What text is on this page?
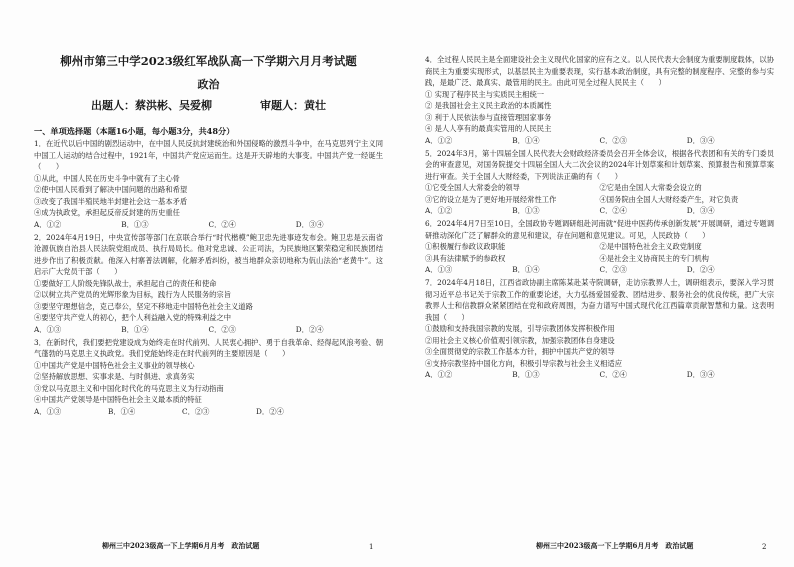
柳州市第三中学2023级红军战队高一下学期六月月考试题
政治
出题人：蔡洪彬、吴爱柳	审题人：黄壮
一、单项选择题（本题16小题，每小题3分，共48分）

1．在近代以后中国的剧烈运动中，在中国人民反抗封建统治和外国侵略的激烈斗争中，在马克思列宁主义同中国工人运动的结合过程中，1921年，中国共产党应运而生。这是开天辟地的大事变。中国共产党一经诞生（　　）

①从此，中国人民在历史斗争中就有了主心骨

②使中国人民看到了解决中国问题的出路和希望

③改变了我国半殖民地半封建社会这一基本矛盾

④成为执政党，承担起反帝反封建的历史重任

A．①②	B．①③	C．②④	D．③④

2．2024年4月19日，中央宣传部等部门在京联合举行“时代楷模”鲍卫忠先进事迹发布会。鲍卫忠是云南省沧源佤族自治县人民法院党组成员、执行局局长。他对党忠诚、公正司法，为民族地区繁荣稳定和民族团结进步作出了积极贡献。他深入村寨普法调解，化解矛盾纠纷，被当地群众亲切地称为佤山法治“老黄牛”。这启示广大党员干部（　　）

①要做好工人阶级先锋队战士，承担起自己的责任和使命

②以树立共产党员的光辉形象为目标，践行为人民服务的宗旨

③要坚守理想信念，克己奉公，坚定不移地走中国特色社会主义道路

④要坚守共产党人的初心，把个人利益融入党的特殊利益之中

A．①③	B．①④	C．②③	D．②④

3．在新时代，我们要把党建设成为始终走在时代前列、人民衷心拥护、勇于自我革命、经得起风浪考验、朝气蓬勃的马克思主义执政党。我们党能始终走在时代前列的主要原因是（　　）

①中国共产党是中国特色社会主义事业的领导核心

②坚持解放思想、实事求是、与时俱进、求真务实

③党以马克思主义和中国化时代化的马克思主义为行动指南

④中国共产党领导是中国特色社会主义最本质的特征

A．①③	B．①④	C．②③	D．②④
柳州三中2023级高一下上学期6月月考　政治试题	1

4．全过程人民民主是全面建设社会主义现代化国家的应有之义。以人民代表大会制度为重要制度载体，以协商民主为重要实现形式，以基层民主为重要表现，实行基本政治制度，具有完整的制度程序、完整的参与实践，是最广泛、最真实、最管用的民主。由此可见全过程人民民主（　　）

① 实现了程序民主与实质民主相统一

② 是我国社会主义民主政治的本质属性

③ 利于人民依法参与直接管理国家事务

④ 是人人享有的最真实管用的人民民主

A．①②	B．①④	C．②③	D．③④

5．2024年3月，第十四届全国人民代表大会财政经济委员会召开全体会议，根据各代表团和有关的专门委员会的审查意见，对国务院提交十四届全国人大二次会议的2024年计划草案和计划草案、预算报告和预算草案进行审查。关于全国人大财经委，下列说法正确的有（　　）

①它受全国人大常委会的领导	②它是由全国人大常委会设立的
③它的设立是为了更好地开展经常性工作	④国务院由全国人大财经委产生，对它负责
A．①②	B．①③	C．②④	D．③④

6．2024年4月7日至10日，全国政协专题调研组赴河南就“促进中医药传承创新发展”开展调研，通过专题调研推动深化广泛了解群众的意见和建议，存在问题和意见建议。可见，人民政协（　　）

①积极履行参政议政职能	②是中国特色社会主义政党制度
③具有法律赋予的参政权	④是社会主义协商民主的专门机构
A．①③	B．①④	C．②③	D．②④

7．2024年4月18日，江西省政协副主席陈某赴某寺院调研，走访宗教界人士，调研组表示，要深入学习贯彻习近平总书记关于宗教工作的重要论述，大力弘扬爱国爱教、团结进步、服务社会的优良传统，把广大宗教界人士和信教群众紧紧团结在党和政府周围，为奋力谱写中国式现代化江西篇章贡献智慧和力量。这表明我国（　　）

①鼓励和支持我国宗教的发展，引导宗教团体发挥积极作用

②用社会主义核心价值观引领宗教，加强宗教团体自身建设

③全面贯彻党的宗教工作基本方针，拥护中国共产党的领导

④支持宗教坚持中国化方向，积极引导宗教与社会主义相适应

A．①②	B．①③	C．②④	D．③④
柳州三中2023级高一下上学期6月月考　政治试题	2
